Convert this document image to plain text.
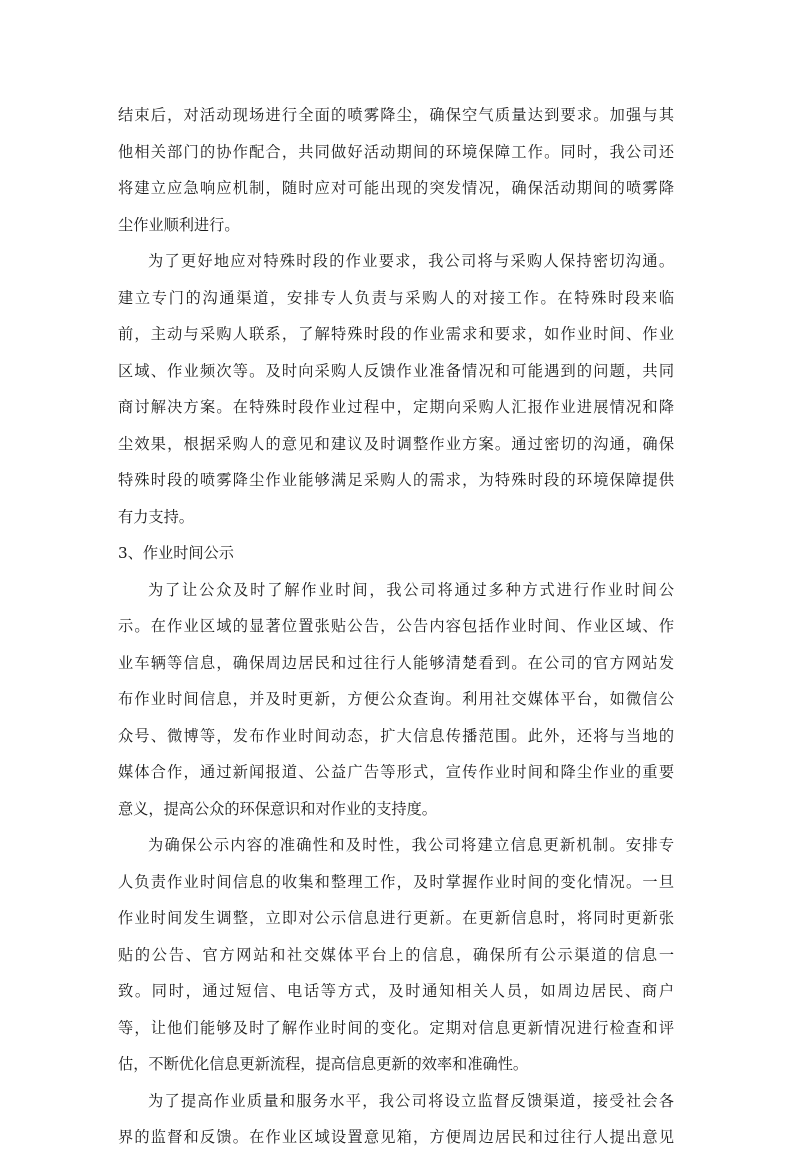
结束后，对活动现场进行全面的喷雾降尘，确保空气质量达到要求。加强与其
他相关部门的协作配合，共同做好活动期间的环境保障工作。同时，我公司还
将建立应急响应机制，随时应对可能出现的突发情况，确保活动期间的喷雾降
尘作业顺利进行。
为了更好地应对特殊时段的作业要求，我公司将与采购人保持密切沟通。
建立专门的沟通渠道，安排专人负责与采购人的对接工作。在特殊时段来临
前，主动与采购人联系，了解特殊时段的作业需求和要求，如作业时间、作业
区域、作业频次等。及时向采购人反馈作业准备情况和可能遇到的问题，共同
商讨解决方案。在特殊时段作业过程中，定期向采购人汇报作业进展情况和降
尘效果，根据采购人的意见和建议及时调整作业方案。通过密切的沟通，确保
特殊时段的喷雾降尘作业能够满足采购人的需求，为特殊时段的环境保障提供
有力支持。
3、作业时间公示
为了让公众及时了解作业时间，我公司将通过多种方式进行作业时间公
示。在作业区域的显著位置张贴公告，公告内容包括作业时间、作业区域、作
业车辆等信息，确保周边居民和过往行人能够清楚看到。在公司的官方网站发
布作业时间信息，并及时更新，方便公众查询。利用社交媒体平台，如微信公
众号、微博等，发布作业时间动态，扩大信息传播范围。此外，还将与当地的
媒体合作，通过新闻报道、公益广告等形式，宣传作业时间和降尘作业的重要
意义，提高公众的环保意识和对作业的支持度。
为确保公示内容的准确性和及时性，我公司将建立信息更新机制。安排专
人负责作业时间信息的收集和整理工作，及时掌握作业时间的变化情况。一旦
作业时间发生调整，立即对公示信息进行更新。在更新信息时，将同时更新张
贴的公告、官方网站和社交媒体平台上的信息，确保所有公示渠道的信息一
致。同时，通过短信、电话等方式，及时通知相关人员，如周边居民、商户
等，让他们能够及时了解作业时间的变化。定期对信息更新情况进行检查和评
估，不断优化信息更新流程，提高信息更新的效率和准确性。
为了提高作业质量和服务水平，我公司将设立监督反馈渠道，接受社会各
界的监督和反馈。在作业区域设置意见箱，方便周边居民和过往行人提出意见
